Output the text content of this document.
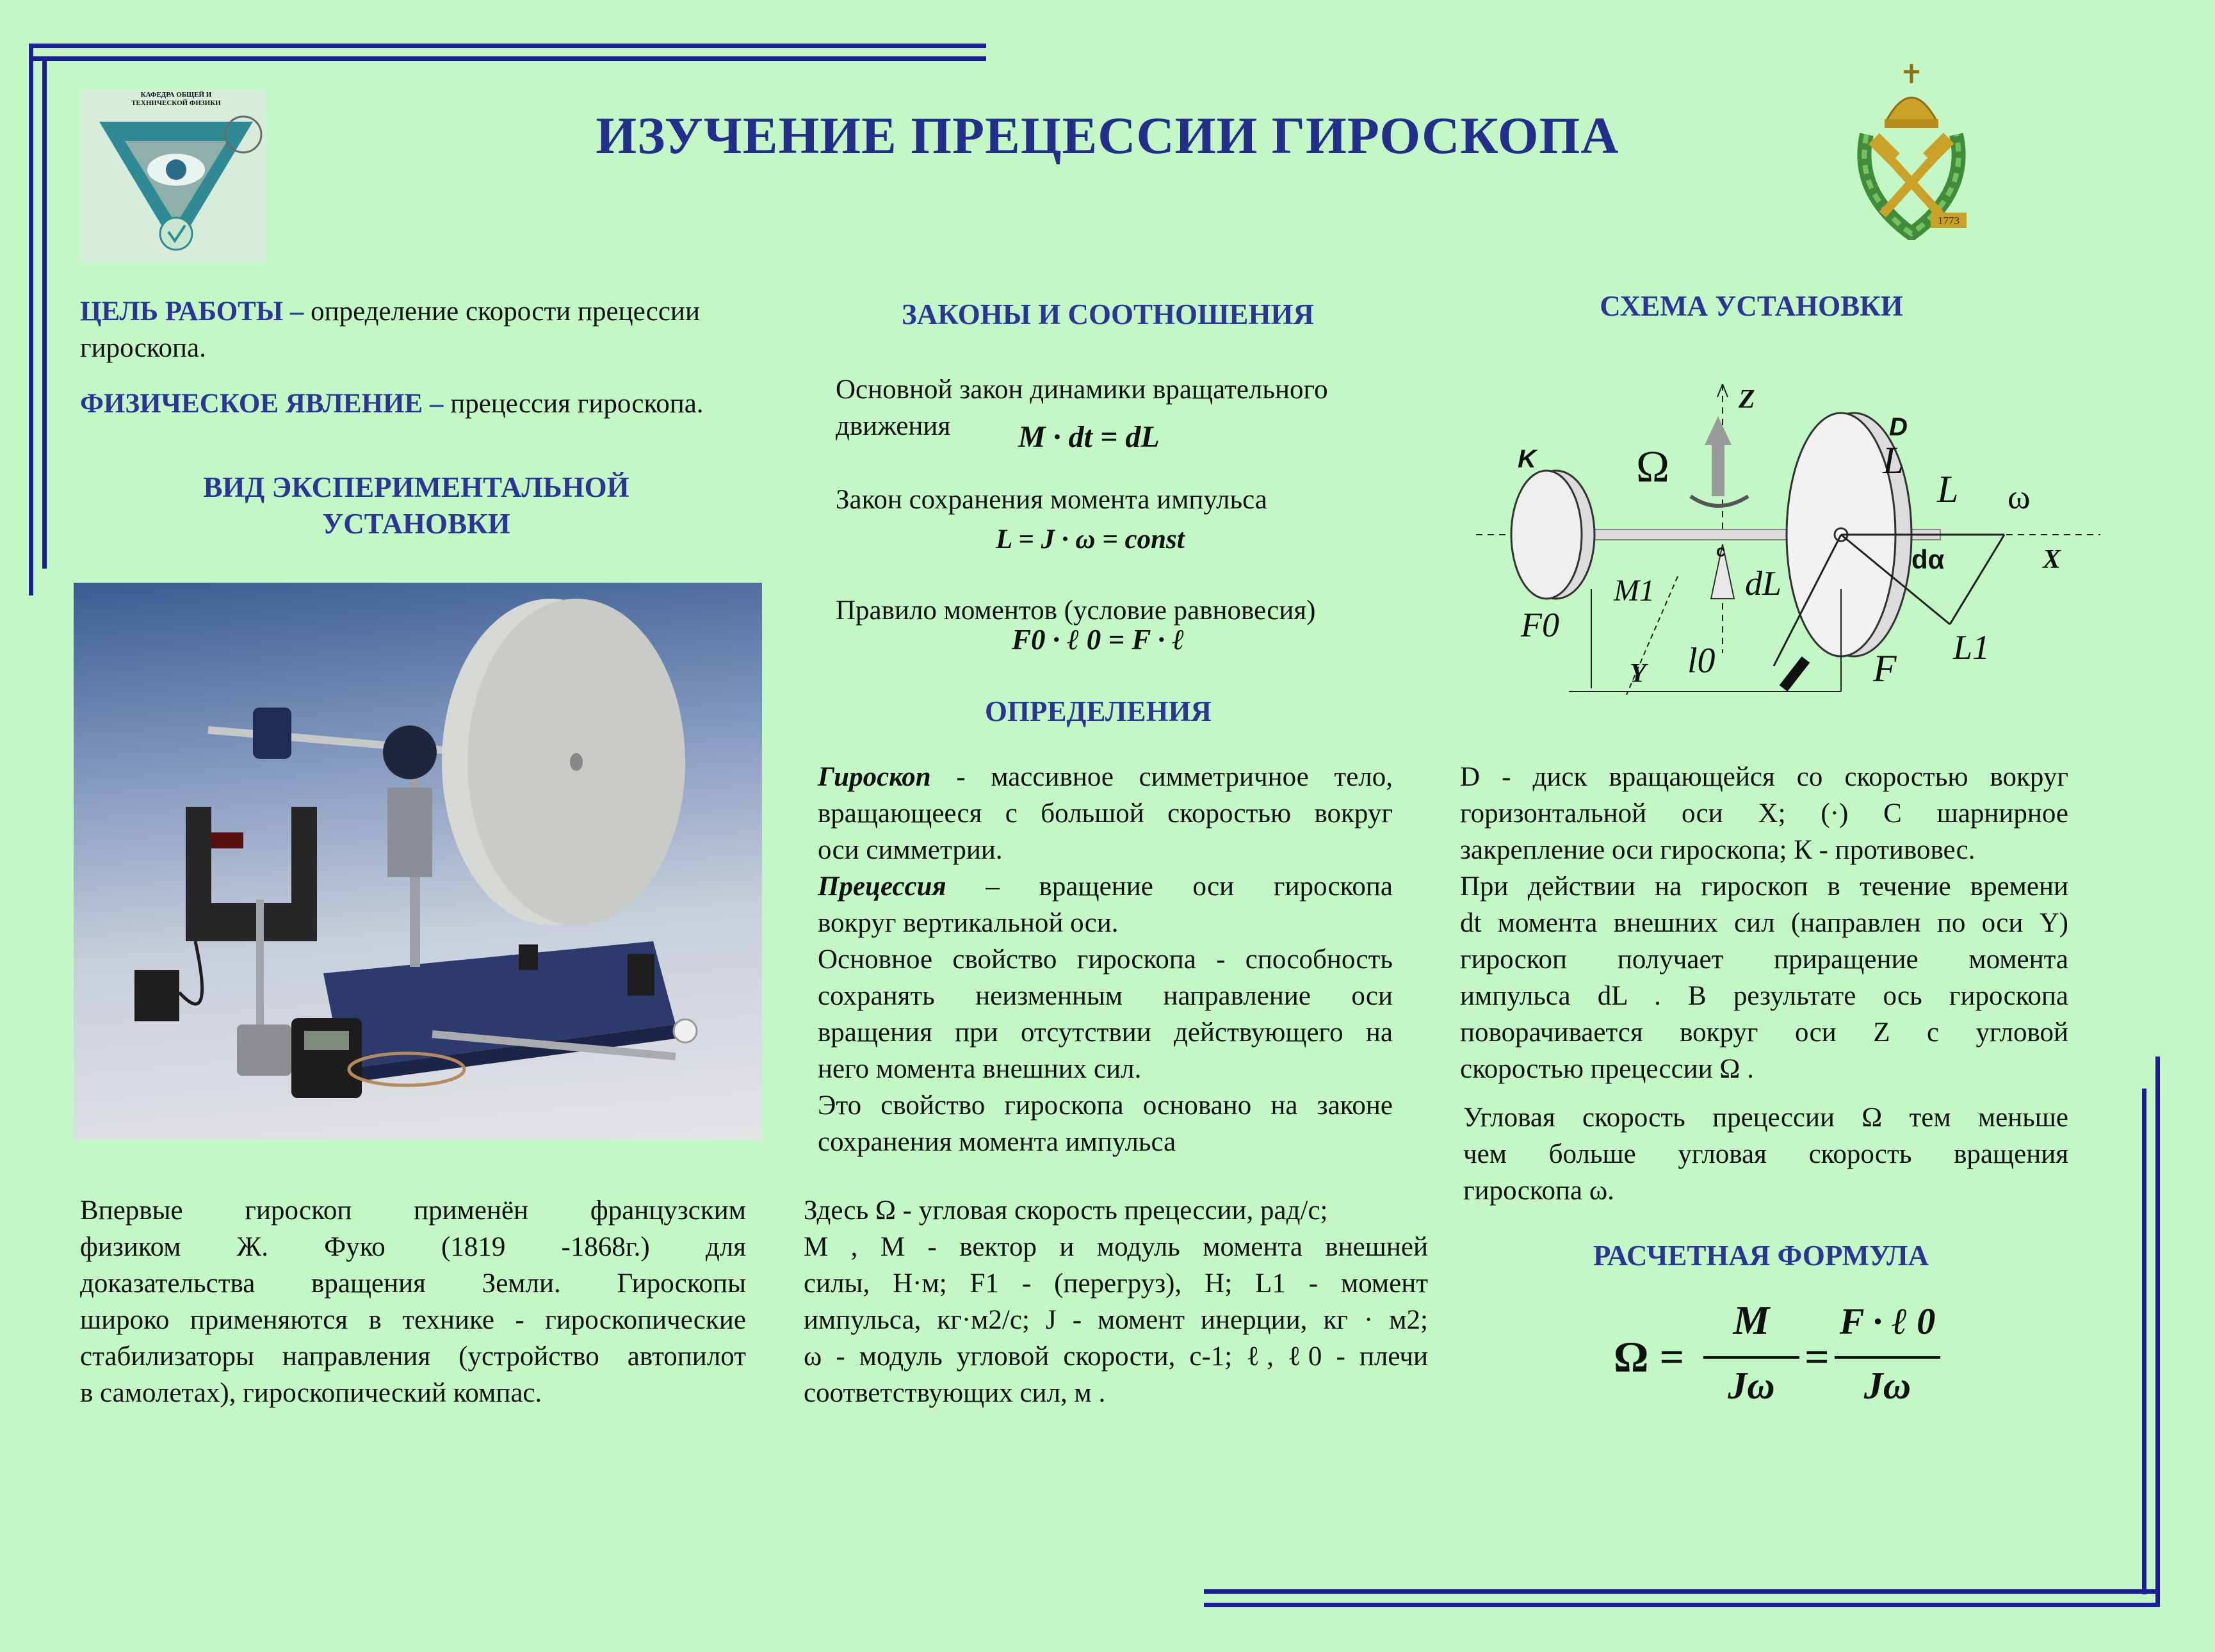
КАФЕДРА ОБЩЕЙ И ТЕХНИЧЕСКОЙ ФИЗИКИ
ИЗУЧЕНИЕ ПРЕЦЕССИИ ГИРОСКОПА
1773
ЦЕЛЬ РАБОТЫ – определение скорости прецессии гироскопа.
ФИЗИЧЕСКОЕ ЯВЛЕНИЕ – прецессия гироскопа.
ВИД ЭКСПЕРИМЕНТАЛЬНОЙ
УСТАНОВКИ
Впервые гироскоп применён французским
физиком Ж. Фуко (1819 -1868г.) для
доказательства вращения Земли. Гироскопы
широко применяются в технике - гироскопические
стабилизаторы направления (устройство автопилот
в самолетах), гироскопический компас.
ЗАКОНЫ И СООТНОШЕНИЯ
Основной закон динамики вращательного
движения	M · dt = dL
Закон сохранения момента импульса
L = J · ω = const
Правило моментов (условие равновесия)
F0 · ℓ 0 = F · ℓ
ОПРЕДЕЛЕНИЯ
Гироскоп - массивное симметричное тело,
вращающееся с большой скоростью вокруг
оси симметрии.
Прецессия – вращение оси гироскопа
вокруг вертикальной оси.
Основное свойство гироскопа - способность
сохранять неизменным направление оси
вращения при отсутствии действующего на
него момента внешних сил.
Это свойство гироскопа основано на законе
сохранения момента импульса
Здесь Ω - угловая скорость прецессии, рад/с;
M , M - вектор и модуль момента внешней
силы, Н·м; F1 - (перегруз), Н; L1 - момент
импульса, кг·м2/с; J - момент инерции, кг · м2;
ω - модуль угловой скорости, с-1; ℓ, ℓ0 - плечи
соответствующих сил, м .
СХЕМА УСТАНОВКИ
Z
X
Y
K
D
c
Ω
ω
L
L
L1
dL
M1
F0
F
l0
dα
D - диск вращающейся со скоростью вокруг
горизонтальной оси X; (·) C шарнирное
закрепление оси гироскопа; К - противовес.
При действии на гироскоп в течение времени
dt момента внешних сил (направлен по оси Y)
гироскоп получает приращение момента
импульса dL . В результате ось гироскопа
поворачивается вокруг оси Z с угловой
скоростью прецессии Ω .
Угловая скорость прецессии Ω тем меньше
чем больше угловая скорость вращения
гироскопа ω.
РАСЧЕТНАЯ ФОРМУЛА
Ω =
M
Jω
=
F · ℓ 0
Jω
